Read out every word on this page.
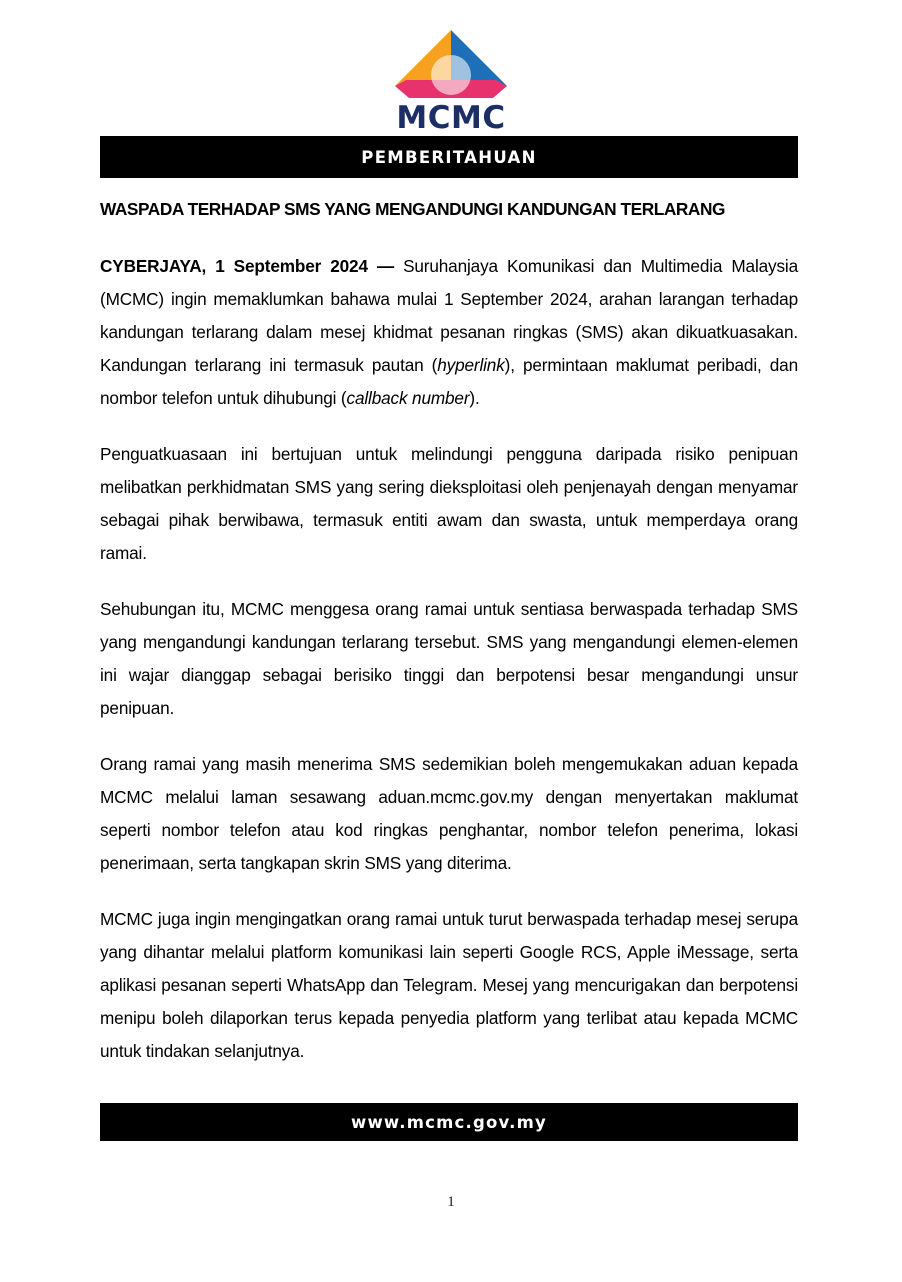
MCMC
PEMBERITAHUAN
WASPADA TERHADAP SMS YANG MENGANDUNGI KANDUNGAN TERLARANG

CYBERJAYA, 1 September 2024 — Suruhanjaya Komunikasi dan Multimedia Malaysia (MCMC) ingin memaklumkan bahawa mulai 1 September 2024, arahan larangan terhadap kandungan terlarang dalam mesej khidmat pesanan ringkas (SMS) akan dikuatkuasakan. Kandungan terlarang ini termasuk pautan (hyperlink), permintaan maklumat peribadi, dan nombor telefon untuk dihubungi (callback number).

Penguatkuasaan ini bertujuan untuk melindungi pengguna daripada risiko penipuan melibatkan perkhidmatan SMS yang sering dieksploitasi oleh penjenayah dengan menyamar sebagai pihak berwibawa, termasuk entiti awam dan swasta, untuk memperdaya orang ramai.

Sehubungan itu, MCMC menggesa orang ramai untuk sentiasa berwaspada terhadap SMS yang mengandungi kandungan terlarang tersebut. SMS yang mengandungi elemen-elemen ini wajar dianggap sebagai berisiko tinggi dan berpotensi besar mengandungi unsur penipuan.

Orang ramai yang masih menerima SMS sedemikian boleh mengemukakan aduan kepada MCMC melalui laman sesawang aduan.mcmc.gov.my dengan menyertakan maklumat seperti nombor telefon atau kod ringkas penghantar, nombor telefon penerima, lokasi penerimaan, serta tangkapan skrin SMS yang diterima.

MCMC juga ingin mengingatkan orang ramai untuk turut berwaspada terhadap mesej serupa yang dihantar melalui platform komunikasi lain seperti Google RCS, Apple iMessage, serta aplikasi pesanan seperti WhatsApp dan Telegram. Mesej yang mencurigakan dan berpotensi menipu boleh dilaporkan terus kepada penyedia platform yang terlibat atau kepada MCMC untuk tindakan selanjutnya.

www.mcmc.gov.my
1
